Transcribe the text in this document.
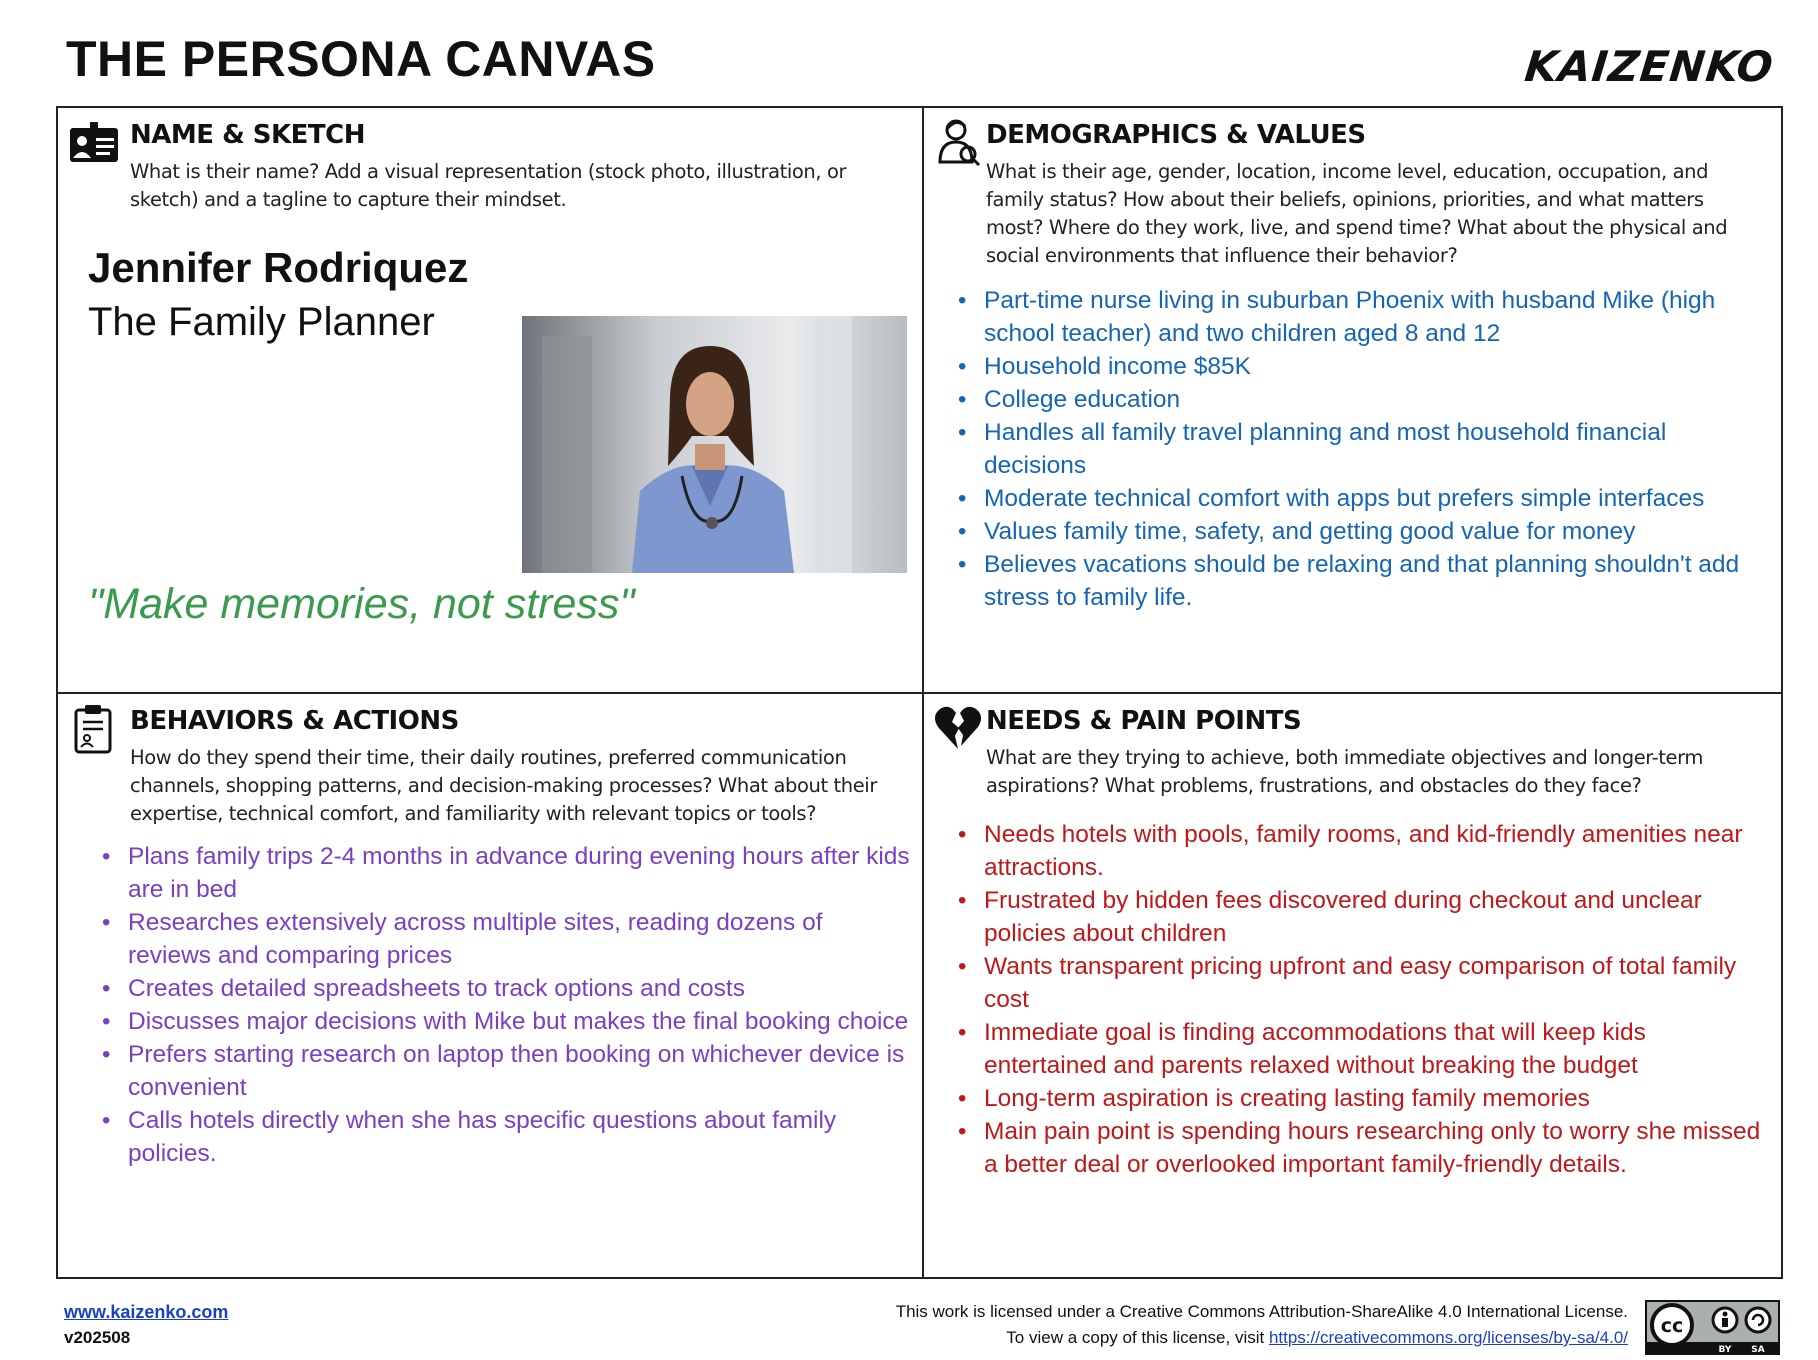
THE PERSONA CANVAS	KAIZENKO
NAME & SKETCH
What is their name? Add a visual representation (stock photo, illustration, or sketch) and a tagline to capture their mindset.
Jennifer Rodriquez
The Family Planner
"Make memories, not stress"
DEMOGRAPHICS & VALUES
What is their age, gender, location, income level, education, occupation, and family status? How about their beliefs, opinions, priorities, and what matters most? Where do they work, live, and spend time? What about the physical and social environments that influence their behavior?
• Part-time nurse living in suburban Phoenix with husband Mike (high school teacher) and two children aged 8 and 12
• Household income $85K
• College education
• Handles all family travel planning and most household financial decisions
• Moderate technical comfort with apps but prefers simple interfaces
• Values family time, safety, and getting good value for money
• Believes vacations should be relaxing and that planning shouldn't add stress to family life.
BEHAVIORS & ACTIONS
How do they spend their time, their daily routines, preferred communication channels, shopping patterns, and decision-making processes? What about their expertise, technical comfort, and familiarity with relevant topics or tools?
• Plans family trips 2-4 months in advance during evening hours after kids are in bed
• Researches extensively across multiple sites, reading dozens of reviews and comparing prices
• Creates detailed spreadsheets to track options and costs
• Discusses major decisions with Mike but makes the final booking choice
• Prefers starting research on laptop then booking on whichever device is convenient
• Calls hotels directly when she has specific questions about family policies.
NEEDS & PAIN POINTS
What are they trying to achieve, both immediate objectives and longer-term aspirations? What problems, frustrations, and obstacles do they face?
• Needs hotels with pools, family rooms, and kid-friendly amenities near attractions.
• Frustrated by hidden fees discovered during checkout and unclear policies about children
• Wants transparent pricing upfront and easy comparison of total family cost
• Immediate goal is finding accommodations that will keep kids entertained and parents relaxed without breaking the budget
• Long-term aspiration is creating lasting family memories
• Main pain point is spending hours researching only to worry she missed a better deal or overlooked important family-friendly details.
www.kaizenko.com
v202508
This work is licensed under a Creative Commons Attribution-ShareAlike 4.0 International License.
To view a copy of this license, visit https://creativecommons.org/licenses/by-sa/4.0/
cc
BY SA
